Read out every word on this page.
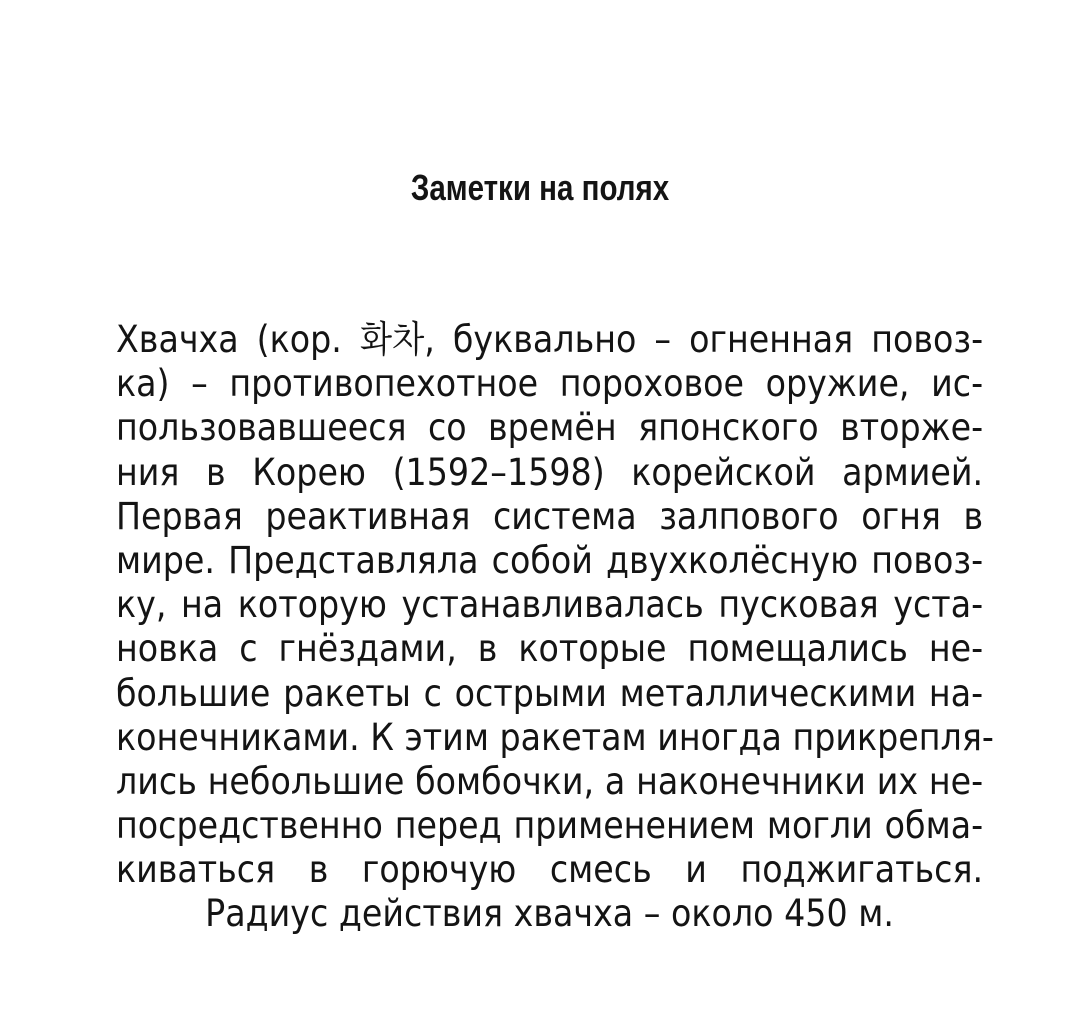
Заметки на полях
Хвачха (кор. 화차, буквально – огненная повоз-
ка) – противопехотное пороховое оружие, ис-
пользовавшееся со времён японского вторже-
ния в Корею (1592–1598) корейской армией.
Первая реактивная система залпового огня в
мире. Представляла собой двухколёсную повоз-
ку, на которую устанавливалась пусковая уста-
новка с гнёздами, в которые помещались не-
большие ракеты с острыми металлическими на-
конечниками. К этим ракетам иногда прикрепля-
лись небольшие бомбочки, а наконечники их не-
посредственно перед применением могли обма-
киваться в горючую смесь и поджигаться.
Радиус действия хвачха – около 450 м.
